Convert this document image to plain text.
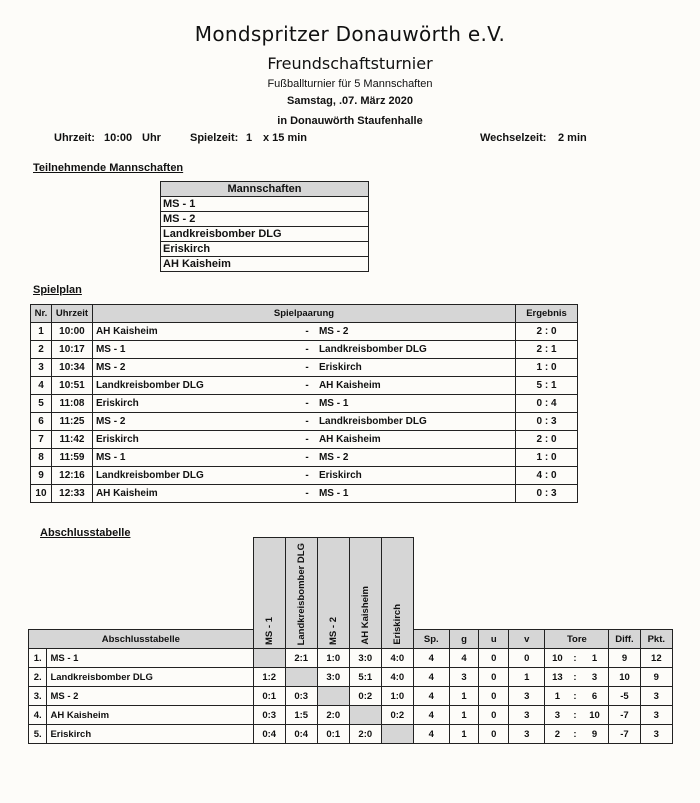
Mondspritzer Donauwörth e.V.
Freundschaftsturnier
Fußballturnier für 5 Mannschaften
Samstag, .07. März 2020
in Donauwörth Staufenhalle
Uhrzeit: 10:00 Uhr	Spielzeit: 1 x 15 min	Wechselzeit: 2 min
Teilnehmende Mannschaften
Mannschaften
MS - 1
MS - 2
Landkreisbomber DLG
Eriskirch
AH Kaisheim
Spielplan
Nr.	Uhrzeit	Spielpaarung			Ergebnis
1	10:00	AH Kaisheim	-	MS - 2	2 : 0
2	10:17	MS - 1	-	Landkreisbomber DLG	2 : 1
3	10:34	MS - 2	-	Eriskirch	1 : 0
4	10:51	Landkreisbomber DLG	-	AH Kaisheim	5 : 1
5	11:08	Eriskirch	-	MS - 1	0 : 4
6	11:25	MS - 2	-	Landkreisbomber DLG	0 : 3
7	11:42	Eriskirch	-	AH Kaisheim	2 : 0
8	11:59	MS - 1	-	MS - 2	1 : 0
9	12:16	Landkreisbomber DLG	-	Eriskirch	4 : 0
10	12:33	AH Kaisheim	-	MS - 1	0 : 3
Abschlusstabelle
		MS - 1	Landkreisbomber DLG	MS - 2	AH Kaisheim	Eriskirch									
Abschlusstabelle							Sp.	g	u	v	Tore			Diff.	Pkt.
1.	MS - 1		2:1	1:0	3:0	4:0	4	4	0	0	10	:	1	9	12
2.	Landkreisbomber DLG	1:2		3:0	5:1	4:0	4	3	0	1	13	:	3	10	9
3.	MS - 2	0:1	0:3		0:2	1:0	4	1	0	3	1	:	6	-5	3
4.	AH Kaisheim	0:3	1:5	2:0		0:2	4	1	0	3	3	:	10	-7	3
5.	Eriskirch	0:4	0:4	0:1	2:0		4	1	0	3	2	:	9	-7	3
